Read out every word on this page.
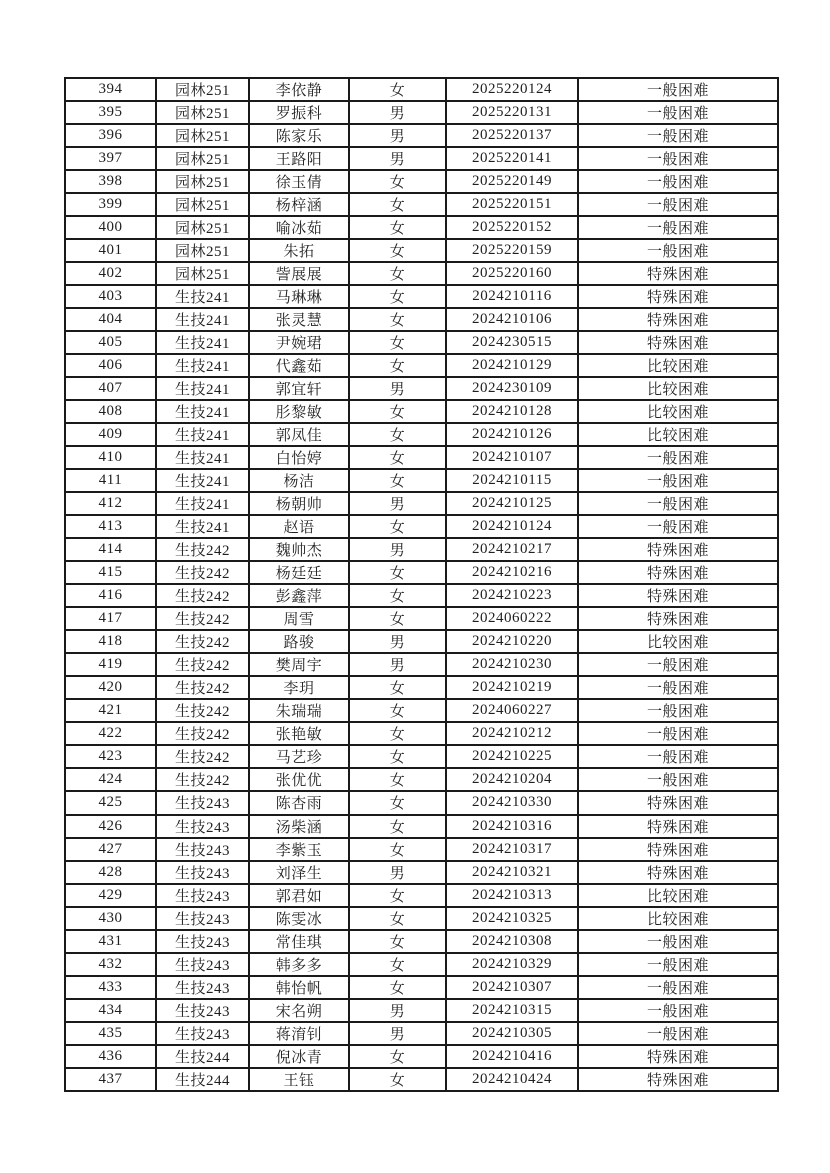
394	园林251	李依静	女	2025220124	一般困难
395	园林251	罗振科	男	2025220131	一般困难
396	园林251	陈家乐	男	2025220137	一般困难
397	园林251	王路阳	男	2025220141	一般困难
398	园林251	徐玉倩	女	2025220149	一般困难
399	园林251	杨梓涵	女	2025220151	一般困难
400	园林251	喻冰茹	女	2025220152	一般困难
401	园林251	朱拓	女	2025220159	一般困难
402	园林251	訾展展	女	2025220160	特殊困难
403	生技241	马琳琳	女	2024210116	特殊困难
404	生技241	张灵慧	女	2024210106	特殊困难
405	生技241	尹婉珺	女	2024230515	特殊困难
406	生技241	代鑫茹	女	2024210129	比较困难
407	生技241	郭宜轩	男	2024230109	比较困难
408	生技241	肜黎敏	女	2024210128	比较困难
409	生技241	郭凤佳	女	2024210126	比较困难
410	生技241	白怡婷	女	2024210107	一般困难
411	生技241	杨洁	女	2024210115	一般困难
412	生技241	杨朝帅	男	2024210125	一般困难
413	生技241	赵语	女	2024210124	一般困难
414	生技242	魏帅杰	男	2024210217	特殊困难
415	生技242	杨廷廷	女	2024210216	特殊困难
416	生技242	彭鑫萍	女	2024210223	特殊困难
417	生技242	周雪	女	2024060222	特殊困难
418	生技242	路骏	男	2024210220	比较困难
419	生技242	樊周宇	男	2024210230	一般困难
420	生技242	李玥	女	2024210219	一般困难
421	生技242	朱瑞瑞	女	2024060227	一般困难
422	生技242	张艳敏	女	2024210212	一般困难
423	生技242	马艺珍	女	2024210225	一般困难
424	生技242	张优优	女	2024210204	一般困难
425	生技243	陈杏雨	女	2024210330	特殊困难
426	生技243	汤柴涵	女	2024210316	特殊困难
427	生技243	李紫玉	女	2024210317	特殊困难
428	生技243	刘泽生	男	2024210321	特殊困难
429	生技243	郭君如	女	2024210313	比较困难
430	生技243	陈雯冰	女	2024210325	比较困难
431	生技243	常佳琪	女	2024210308	一般困难
432	生技243	韩多多	女	2024210329	一般困难
433	生技243	韩怡帆	女	2024210307	一般困难
434	生技243	宋名朔	男	2024210315	一般困难
435	生技243	蒋淯钊	男	2024210305	一般困难
436	生技244	倪冰青	女	2024210416	特殊困难
437	生技244	王钰	女	2024210424	特殊困难
